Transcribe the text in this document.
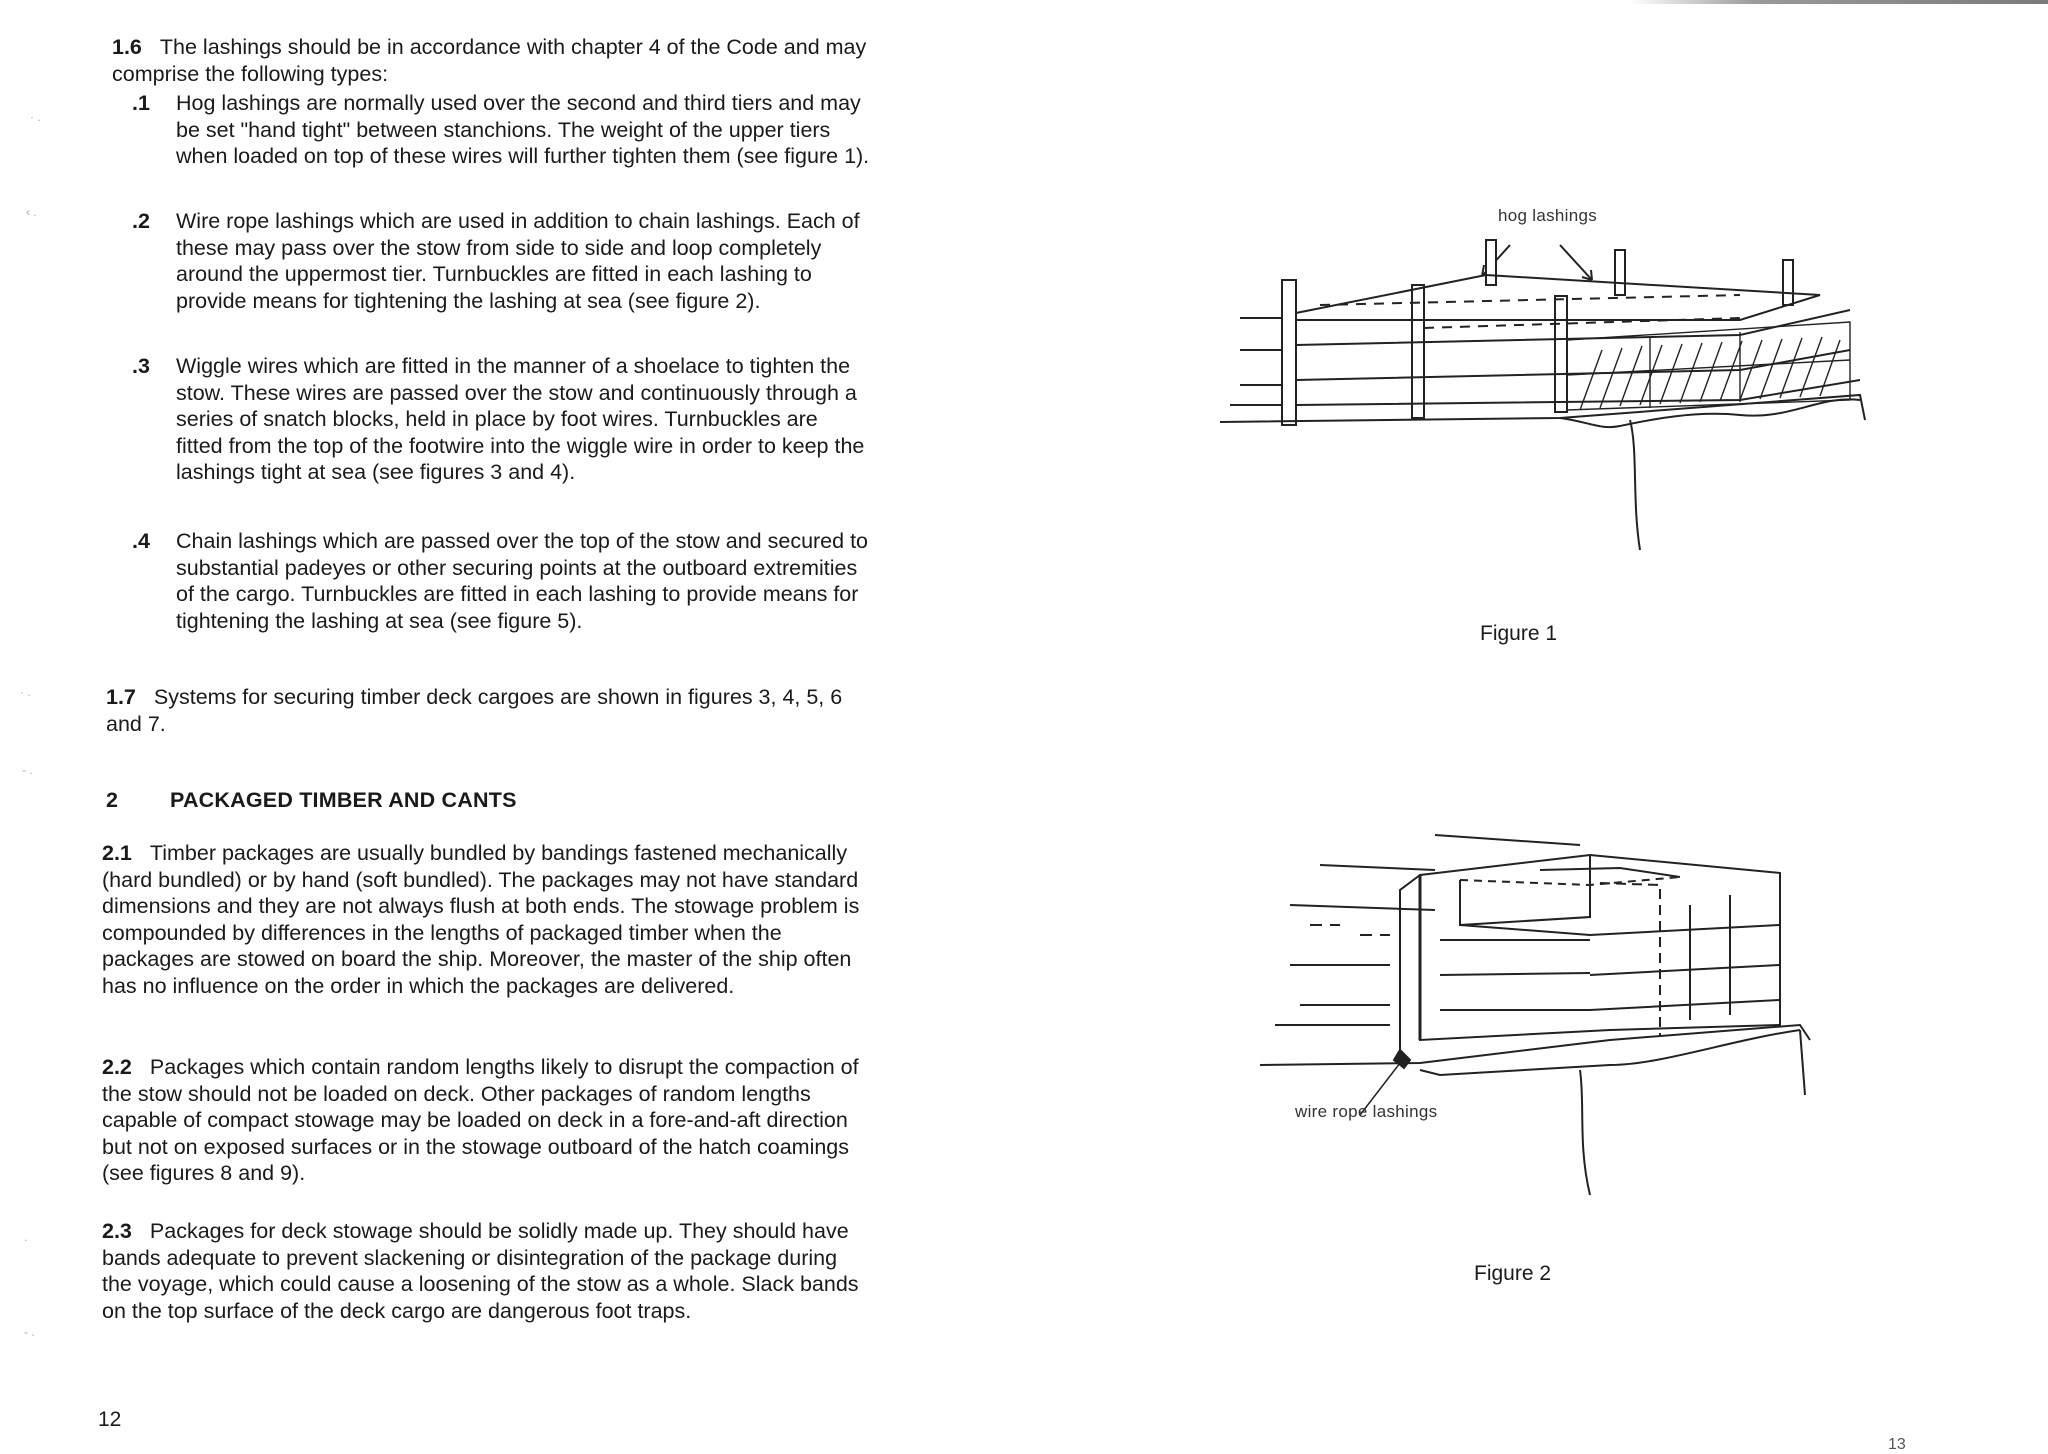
· .
‹ .
· .
- .
.
- .

1.6 The lashings should be in accordance with chapter 4 of the Code and may comprise the following types:

.1 Hog lashings are normally used over the second and third tiers and may be set "hand tight" between stanchions. The weight of the upper tiers when loaded on top of these wires will further tighten them (see figure 1).
.2 Wire rope lashings which are used in addition to chain lashings. Each of these may pass over the stow from side to side and loop completely around the uppermost tier. Turnbuckles are fitted in each lashing to provide means for tightening the lashing at sea (see figure 2).
.3 Wiggle wires which are fitted in the manner of a shoelace to tighten the stow. These wires are passed over the stow and continuously through a series of snatch blocks, held in place by foot wires. Turnbuckles are fitted from the top of the footwire into the wiggle wire in order to keep the lashings tight at sea (see figures 3 and 4).
.4 Chain lashings which are passed over the top of the stow and secured to substantial padeyes or other securing points at the outboard extremities of the cargo. Turnbuckles are fitted in each lashing to provide means for tightening the lashing at sea (see figure 5).

1.7 Systems for securing timber deck cargoes are shown in figures 3, 4, 5, 6 and 7.

2 PACKAGED TIMBER AND CANTS

2.1 Timber packages are usually bundled by bandings fastened mechanically (hard bundled) or by hand (soft bundled). The packages may not have standard dimensions and they are not always flush at both ends. The stowage problem is compounded by differences in the lengths of packaged timber when the packages are stowed on board the ship. Moreover, the master of the ship often has no influence on the order in which the packages are delivered.

2.2 Packages which contain random lengths likely to disrupt the compaction of the stow should not be loaded on deck. Other packages of random lengths capable of compact stowage may be loaded on deck in a fore-and-aft direction but not on exposed surfaces or in the stowage outboard of the hatch coamings (see figures 8 and 9).

2.3 Packages for deck stowage should be solidly made up. They should have bands adequate to prevent slackening or disintegration of the package during the voyage, which could cause a loosening of the stow as a whole. Slack bands on the top surface of the deck cargo are dangerous foot traps.

12
hog lashings
Figure 1
wire rope lashings
Figure 2
13
